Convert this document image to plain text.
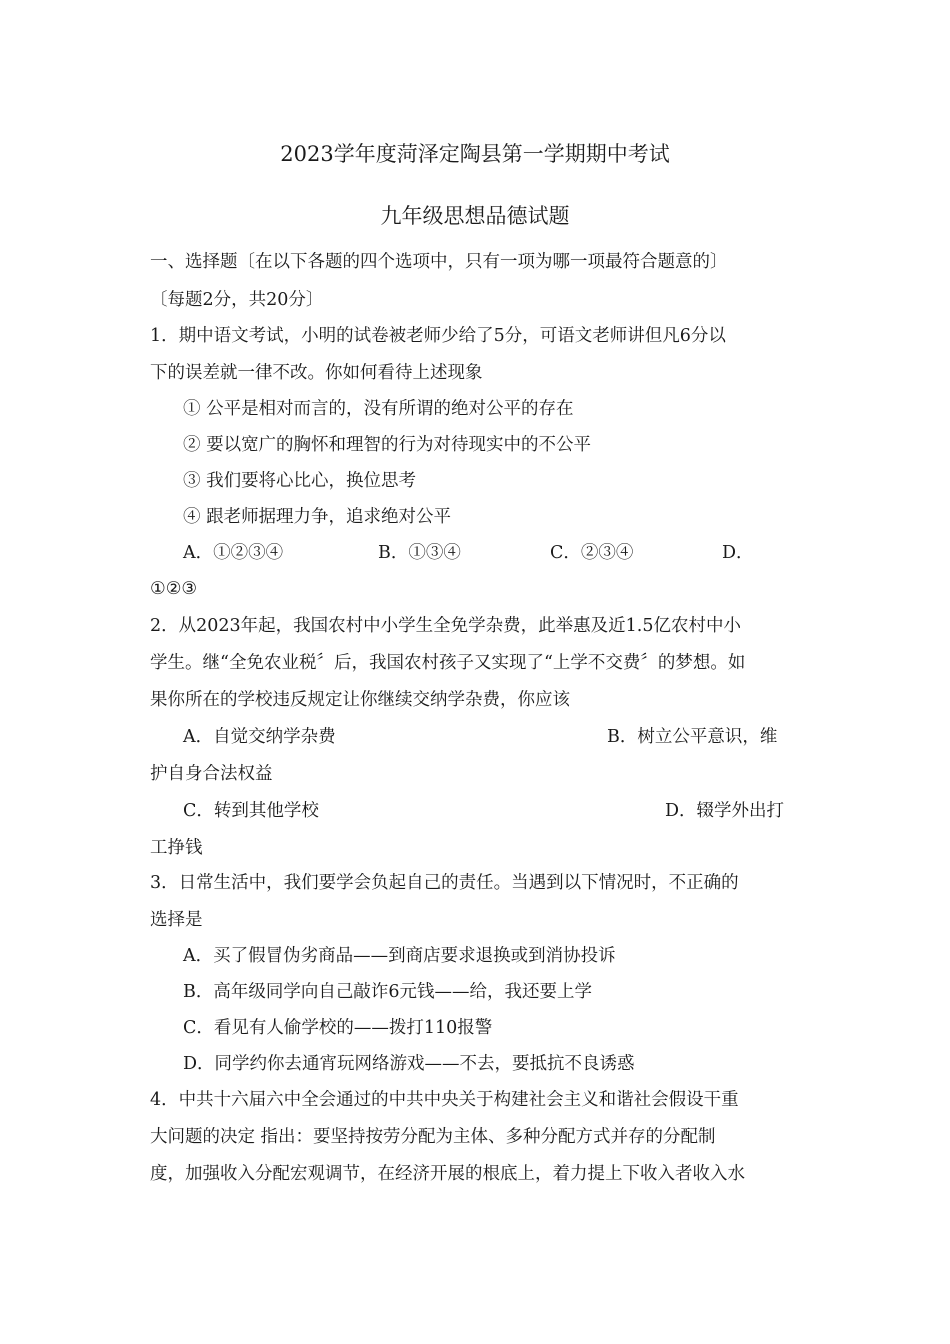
2023学年度菏泽定陶县第一学期期中考试
九年级思想品德试题
一、选择题〔在以下各题的四个选项中，只有一项为哪一项最符合题意的〕
〔每题2分，共20分〕
1．期中语文考试，小明的试卷被老师少给了5分，可语文老师讲但凡6分以
下的误差就一律不改。你如何看待上述现象
① 公平是相对而言的，没有所谓的绝对公平的存在
② 要以宽广的胸怀和理智的行为对待现实中的不公平
③ 我们要将心比心，换位思考
④ 跟老师据理力争，追求绝对公平
A．①②③④	B．①③④	C．②③④	D．
①②③
2．从2023年起，我国农村中小学生全免学杂费，此举惠及近1.5亿农村中小
学生。继“全免农业税〞后，我国农村孩子又实现了“上学不交费〞的梦想。如
果你所在的学校违反规定让你继续交纳学杂费，你应该
A．自觉交纳学杂费	B．树立公平意识，维
护自身合法权益
C．转到其他学校	D．辍学外出打
工挣钱
3．日常生活中，我们要学会负起自己的责任。当遇到以下情况时，不正确的
选择是
A．买了假冒伪劣商品——到商店要求退换或到消协投诉
B．高年级同学向自己敲诈6元钱——给，我还要上学
C．看见有人偷学校的——拨打110报警
D．同学约你去通宵玩网络游戏——不去，要抵抗不良诱惑
4．中共十六届六中全会通过的中共中央关于构建社会主义和谐社会假设干重
大问题的决定 指出：要坚持按劳分配为主体、多种分配方式并存的分配制
度，加强收入分配宏观调节，在经济开展的根底上，着力提上下收入者收入水
